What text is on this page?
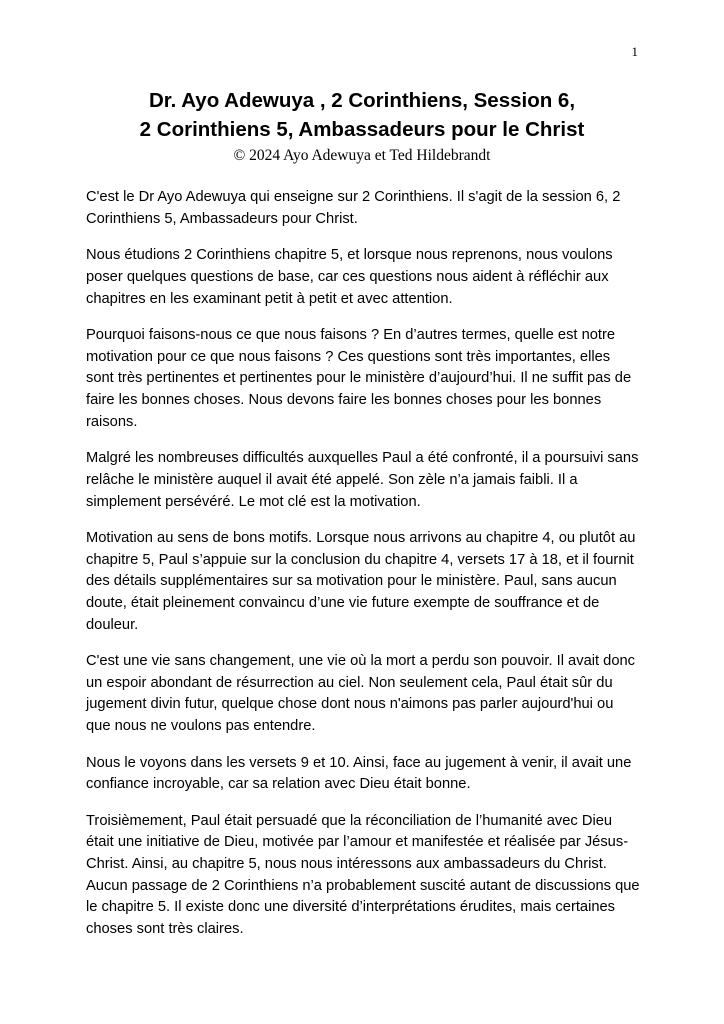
1
Dr. Ayo Adewuya , 2 Corinthiens, Session 6,
2 Corinthiens 5, Ambassadeurs pour le Christ
© 2024 Ayo Adewuya et Ted Hildebrandt

C'est le Dr Ayo Adewuya qui enseigne sur 2 Corinthiens. Il s'agit de la session 6, 2 Corinthiens 5, Ambassadeurs pour Christ.

Nous étudions 2 Corinthiens chapitre 5, et lorsque nous reprenons, nous voulons poser quelques questions de base, car ces questions nous aident à réfléchir aux chapitres en les examinant petit à petit et avec attention.

Pourquoi faisons-nous ce que nous faisons ? En d’autres termes, quelle est notre motivation pour ce que nous faisons ? Ces questions sont très importantes, elles sont très pertinentes et pertinentes pour le ministère d’aujourd’hui. Il ne suffit pas de faire les bonnes choses. Nous devons faire les bonnes choses pour les bonnes raisons.

Malgré les nombreuses difficultés auxquelles Paul a été confronté, il a poursuivi sans relâche le ministère auquel il avait été appelé. Son zèle n’a jamais faibli. Il a simplement persévéré. Le mot clé est la motivation.

Motivation au sens de bons motifs. Lorsque nous arrivons au chapitre 4, ou plutôt au chapitre 5, Paul s’appuie sur la conclusion du chapitre 4, versets 17 à 18, et il fournit des détails supplémentaires sur sa motivation pour le ministère. Paul, sans aucun doute, était pleinement convaincu d’une vie future exempte de souffrance et de douleur.

C'est une vie sans changement, une vie où la mort a perdu son pouvoir. Il avait donc un espoir abondant de résurrection au ciel. Non seulement cela, Paul était sûr du jugement divin futur, quelque chose dont nous n'aimons pas parler aujourd'hui ou que nous ne voulons pas entendre.

Nous le voyons dans les versets 9 et 10. Ainsi, face au jugement à venir, il avait une confiance incroyable, car sa relation avec Dieu était bonne.

Troisièmement, Paul était persuadé que la réconciliation de l’humanité avec Dieu était une initiative de Dieu, motivée par l’amour et manifestée et réalisée par Jésus-Christ. Ainsi, au chapitre 5, nous nous intéressons aux ambassadeurs du Christ. Aucun passage de 2 Corinthiens n’a probablement suscité autant de discussions que le chapitre 5. Il existe donc une diversité d’interprétations érudites, mais certaines choses sont très claires.
